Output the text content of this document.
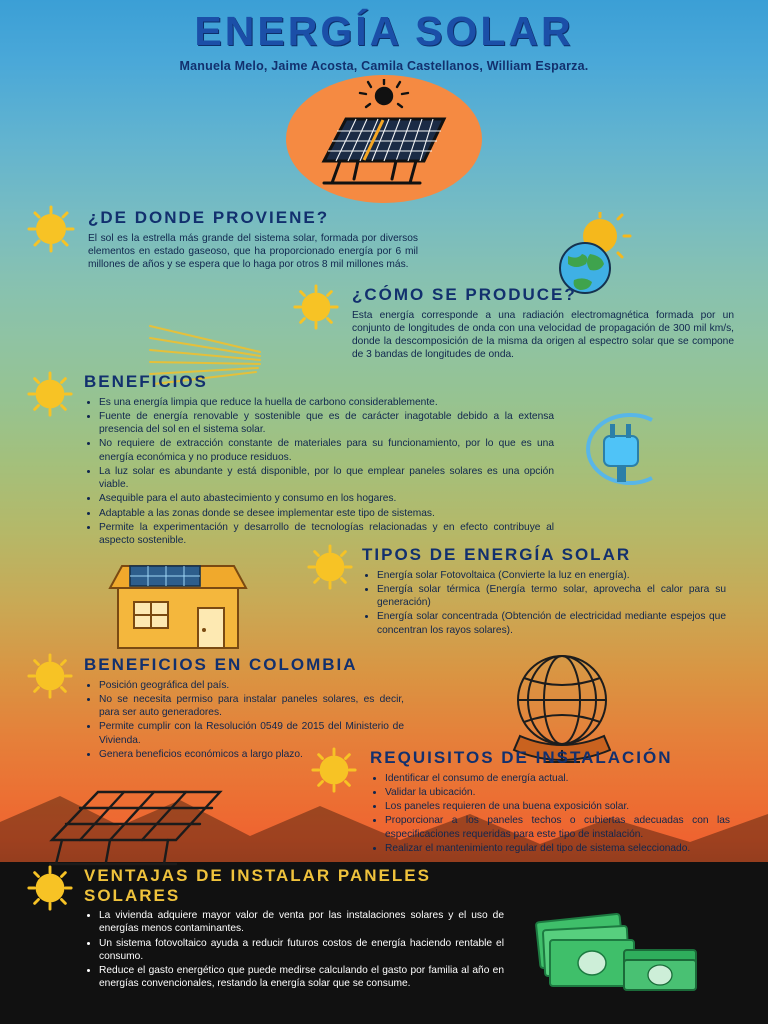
ENERGÍA SOLAR
Manuela Melo, Jaime Acosta, Camila Castellanos, William Esparza.
¿DE DONDE PROVIENE?

El sol es la estrella más grande del sistema solar, formada por diversos elementos en estado gaseoso, que ha proporcionado energía por 6 mil millones de años y se espera que lo haga por otros 8 mil millones más.

¿CÓMO SE PRODUCE?

Esta energía corresponde a una radiación electromagnética formada por un conjunto de longitudes de onda con una velocidad de propagación de 300 mil km/s, donde la descomposición de la misma da origen al espectro solar que se compone de 3 bandas de longitudes de onda.

BENEFICIOS
• Es una energía limpia que reduce la huella de carbono considerablemente.
• Fuente de energía renovable y sostenible que es de carácter inagotable debido a la extensa presencia del sol en el sistema solar.
• No requiere de extracción constante de materiales para su funcionamiento, por lo que es una energía económica y no produce residuos.
• La luz solar es abundante y está disponible, por lo que emplear paneles solares es una opción viable.
• Asequible para el auto abastecimiento y consumo en los hogares.
• Adaptable a las zonas donde se desee implementar este tipo de sistemas.
• Permite la experimentación y desarrollo de tecnologías relacionadas y en efecto contribuye al aspecto sostenible.
TIPOS DE ENERGÍA SOLAR
• Energía solar Fotovoltaica (Convierte la luz en energía).
• Energía solar térmica (Energía termo solar, aprovecha el calor para su generación)
• Energía solar concentrada (Obtención de electricidad mediante espejos que concentran los rayos solares).
BENEFICIOS EN COLOMBIA
• Posición geográfica del país.
• No se necesita permiso para instalar paneles solares, es decir, para ser auto generadores.
• Permite cumplir con la Resolución 0549 de 2015 del Ministerio de Vivienda.
• Genera beneficios económicos a largo plazo.	REQUISITOS DE INSTALACIÓN
• Identificar el consumo de energía actual.
• Validar la ubicación.
• Los paneles requieren de una buena exposición solar.
• Proporcionar a los paneles techos o cubiertas adecuadas con las especificaciones requeridas para este tipo de instalación.
• Realizar el mantenimiento regular del tipo de sistema seleccionado.
VENTAJAS DE INSTALAR PANELES SOLARES
• La vivienda adquiere mayor valor de venta por las instalaciones solares y el uso de energías menos contaminantes.
• Un sistema fotovoltaico ayuda a reducir futuros costos de energía haciendo rentable el consumo.
• Reduce el gasto energético que puede medirse calculando el gasto por familia al año en energías convencionales, restando la energía solar que se consume.
